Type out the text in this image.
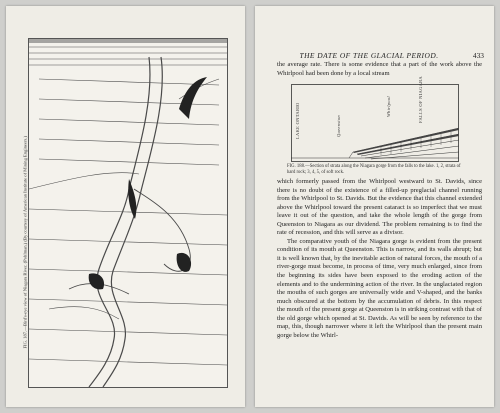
FIG. 187.—Bird's-eye view of Niagara River. (Pohlman.) (By courtesy of American Institute of Mining Engineers.)
THE DATE OF THE GLACIAL PERIOD.	433

the average rate. There is some evidence that a part of the work above the Whirlpool had been done by a local stream

LAKE ONTARIO	Queenston
Whirlpool	FALLS OF NIAGARA
FIG. 188.—Section of strata along the Niagara gorge from the falls to the lake. 1, 2, strata of hard rock; 3, 4, 5, of soft rock.

which formerly passed from the Whirlpool westward to St. Davids, since there is no doubt of the existence of a filled-up preglacial channel running from the Whirlpool to St. Davids. But the evidence that this channel extended above the Whirlpool toward the present cataract is so imperfect that we must leave it out of the question, and take the whole length of the gorge from Queenston to Niagara as our dividend. The problem remaining is to find the rate of recession, and this will serve as a divisor.

The comparative youth of the Niagara gorge is evident from the present condition of its mouth at Queenston. This is narrow, and its walls abrupt; but it is well known that, by the inevitable action of natural forces, the mouth of a river-gorge must become, in process of time, very much enlarged, since from the beginning its sides have been exposed to the eroding action of the elements and to the undermining action of the river. In the unglaciated region the mouths of such gorges are universally wide and V-shaped, and the banks much obscured at the bottom by the accumulation of debris. In this respect the mouth of the present gorge at Queenston is in striking contrast with that of the old gorge which opened at St. Davids. As will be seen by reference to the map, this, though narrower where it left the Whirlpool than the present main gorge below the Whirl-
